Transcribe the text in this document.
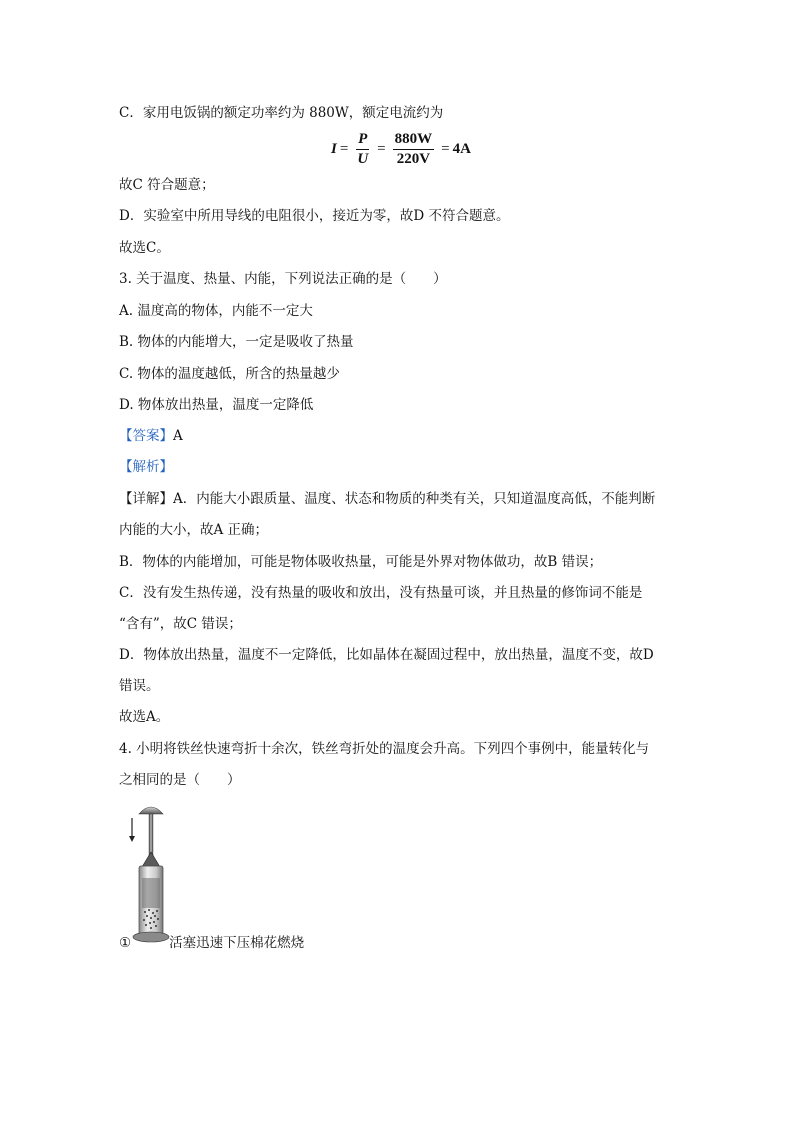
C．家用电饭锅的额定功率约为 880W，额定电流约为
$I = \frac{P}{U} = \frac{880W}{220V} = 4A$
故C 符合题意；
D．实验室中所用导线的电阻很小，接近为零，故D 不符合题意。
故选C。
3. 关于温度、热量、内能，下列说法正确的是（　　）
A. 温度高的物体，内能不一定大
B. 物体的内能增大，一定是吸收了热量
C. 物体的温度越低，所含的热量越少
D. 物体放出热量，温度一定降低
【答案】A
【解析】
【详解】A．内能大小跟质量、温度、状态和物质的种类有关，只知道温度高低，不能判断
内能的大小，故A 正确；
B．物体的内能增加，可能是物体吸收热量，可能是外界对物体做功，故B 错误；
C．没有发生热传递，没有热量的吸收和放出，没有热量可谈，并且热量的修饰词不能是
“含有”，故C 错误；
D．物体放出热量，温度不一定降低，比如晶体在凝固过程中，放出热量，温度不变，故D
错误。
故选A。
4. 小明将铁丝快速弯折十余次，铁丝弯折处的温度会升高。下列四个事例中，能量转化与
之相同的是（　　）
①	活塞迅速下压棉花燃烧
